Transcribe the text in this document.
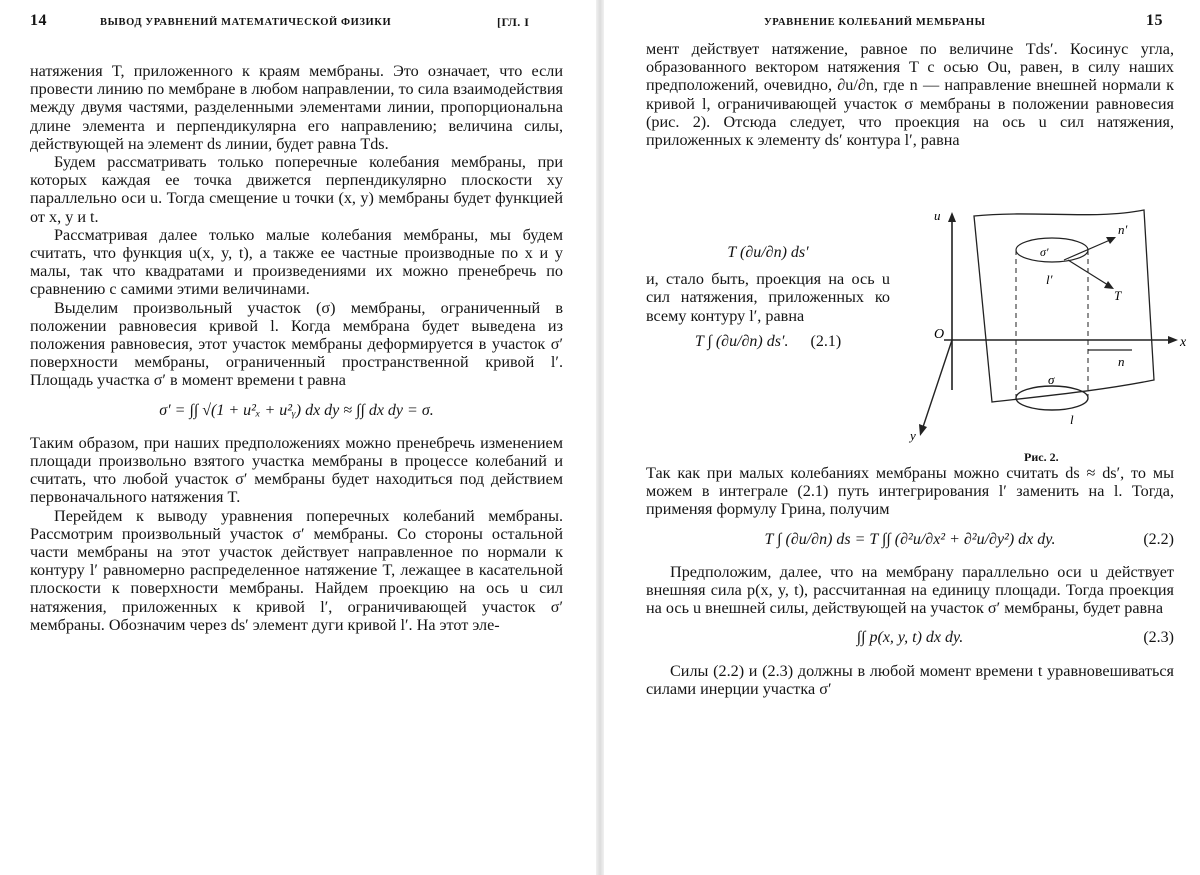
14	ВЫВОД УРАВНЕНИЙ МАТЕМАТИЧЕСКОЙ ФИЗИКИ	[ГЛ. I

натяжения T, приложенного к краям мембраны. Это означает, что если провести линию по мембране в любом направлении, то сила взаимодействия между двумя частями, разделенными элементами линии, пропорциональна длине элемента и перпендикулярна его направлению; величина силы, действующей на элемент ds линии, будет равна Tds.

Будем рассматривать только поперечные колебания мембраны, при которых каждая ее точка движется перпендикулярно плоскости xy параллельно оси u. Тогда смещение u точки (x, y) мембраны будет функцией от x, y и t.

Рассматривая далее только малые колебания мембраны, мы будем считать, что функция u(x, y, t), а также ее частные производные по x и y малы, так что квадратами и произведениями их можно пренебречь по сравнению с самими этими величинами.

Выделим произвольный участок (σ) мембраны, ограниченный в положении равновесия кривой l. Когда мембрана будет выведена из положения равновесия, этот участок мембраны деформируется в участок σ′ поверхности мембраны, ограниченный пространственной кривой l′. Площадь участка σ′ в момент времени t равна

σ′ = ∫∫ √(1 + u²ₓ + u²ᵧ) dx dy ≈ ∫∫ dx dy = σ.

Таким образом, при наших предположениях можно пренебречь изменением площади произвольно взятого участка мембраны в процессе колебаний и считать, что любой участок σ′ мембраны будет находиться под действием первоначального натяжения T.

Перейдем к выводу уравнения поперечных колебаний мембраны. Рассмотрим произвольный участок σ′ мембраны. Со стороны остальной части мембраны на этот участок действует направленное по нормали к контуру l′ равномерно распределенное натяжение T, лежащее в касательной плоскости к поверхности мембраны. Найдем проекцию на ось u сил натяжения, приложенных к кривой l′, ограничивающей участок σ′ мембраны. Обозначим через ds′ элемент дуги кривой l′. На этот эле-

УРАВНЕНИЕ КОЛЕБАНИЙ МЕМБРАНЫ	15

мент действует натяжение, равное по величине Tds′. Косинус угла, образованного вектором натяжения T с осью Ou, равен, в силу наших предположений, очевидно, ∂u/∂n, где n — направление внешней нормали к кривой l, ограничивающей участок σ мембраны в положении равновесия (рис. 2). Отсюда следует, что проекция на ось u сил натяжения, приложенных к элементу ds′ контура l′, равна

T (∂u/∂n) ds′

и, стало быть, проекция на ось u сил натяжения, приложенных ко всему контуру l′, равна

T ∫ (∂u/∂n) ds′. (2.1)
u
n′
σ′
l′
T
O
x
n
σ
l
y
Рис. 2.

Так как при малых колебаниях мембраны можно считать ds ≈ ds′, то мы можем в интеграле (2.1) путь интегрирования l′ заменить на l. Тогда, применяя формулу Грина, получим

T ∫ (∂u/∂n) ds = T ∫∫ (∂²u/∂x² + ∂²u/∂y²) dx dy.	(2.2)

Предположим, далее, что на мембрану параллельно оси u действует внешняя сила p(x, y, t), рассчитанная на единицу площади. Тогда проекция на ось u внешней силы, действующей на участок σ′ мембраны, будет равна

∫∫ p(x, y, t) dx dy.	(2.3)

Силы (2.2) и (2.3) должны в любой момент времени t уравновешиваться силами инерции участка σ′
